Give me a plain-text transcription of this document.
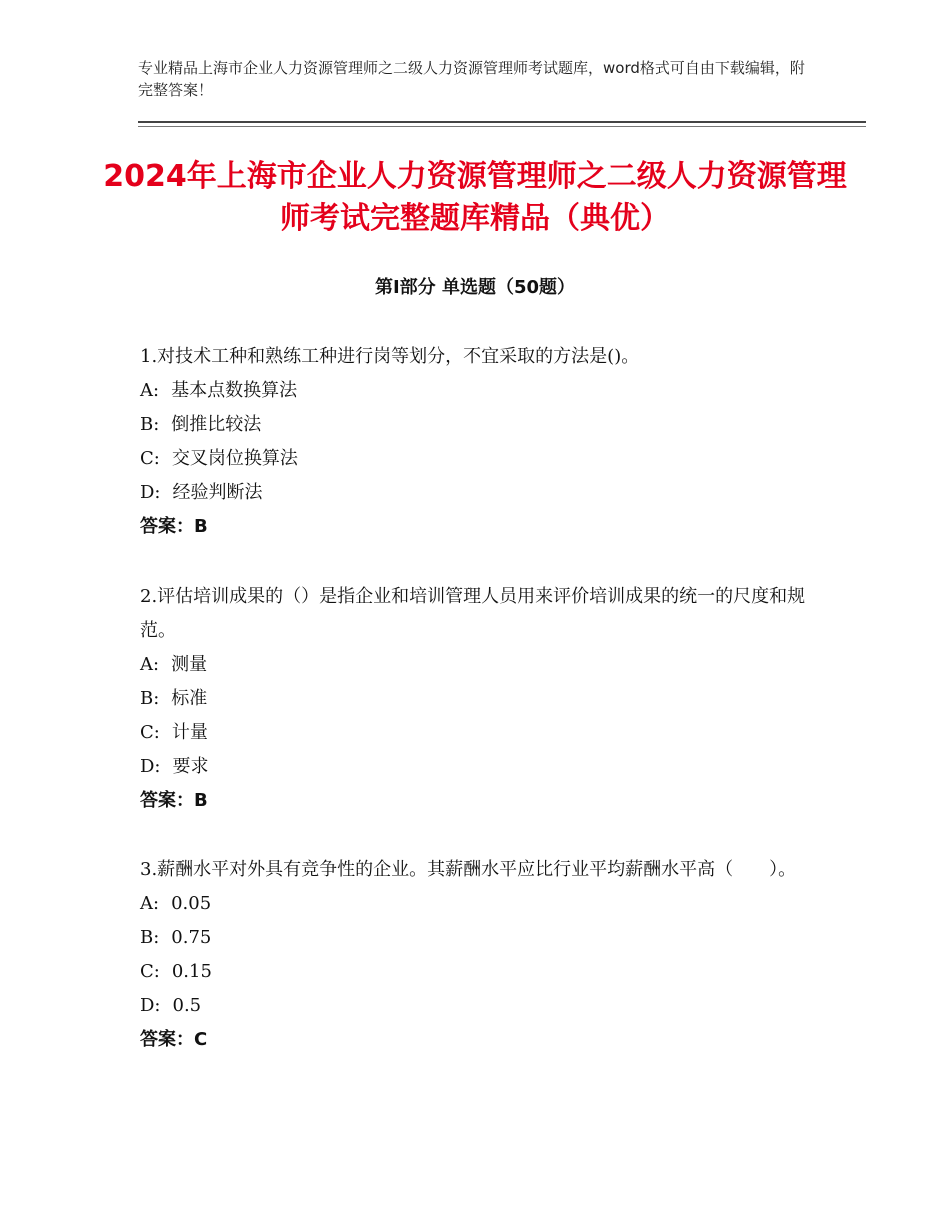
专业精品上海市企业人力资源管理师之二级人力资源管理师考试题库，word格式可自由下载编辑，附完整答案！
2024年上海市企业人力资源管理师之二级人力资源管理师考试完整题库精品（典优）
第Ⅰ部分 单选题（50题）

1.对技术工种和熟练工种进行岗等划分，不宜采取的方法是()。

A: 基本点数换算法

B: 倒推比较法

C: 交叉岗位换算法

D: 经验判断法

答案：B

2.评估培训成果的（）是指企业和培训管理人员用来评价培训成果的统一的尺度和规范。

A: 测量

B: 标准

C: 计量

D: 要求

答案：B

3.薪酬水平对外具有竞争性的企业。其薪酬水平应比行业平均薪酬水平高（　　）。

A: 0.05

B: 0.75

C: 0.15

D: 0.5

答案：C
